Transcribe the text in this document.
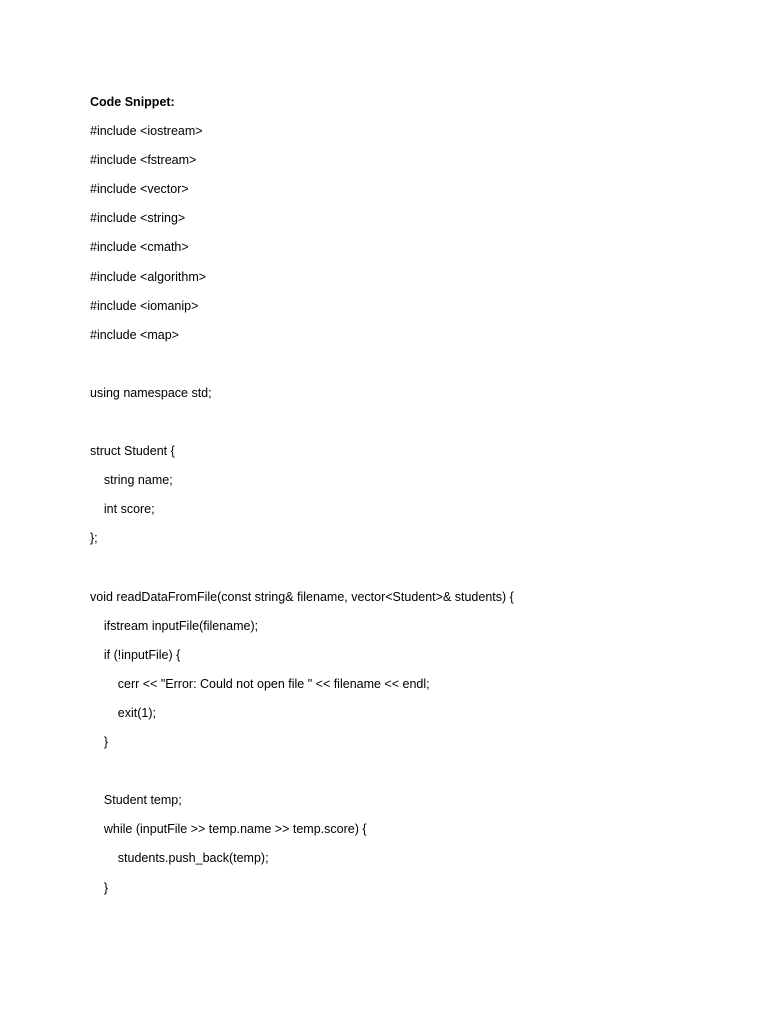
Code Snippet:
#include <iostream>
#include <fstream>
#include <vector>
#include <string>
#include <cmath>
#include <algorithm>
#include <iomanip>
#include <map>
using namespace std;
struct Student {
string name;
int score;
};
void readDataFromFile(const string& filename, vector<Student>& students) {
ifstream inputFile(filename);
if (!inputFile) {
cerr << "Error: Could not open file " << filename << endl;
exit(1);
}
Student temp;
while (inputFile >> temp.name >> temp.score) {
students.push_back(temp);
}
